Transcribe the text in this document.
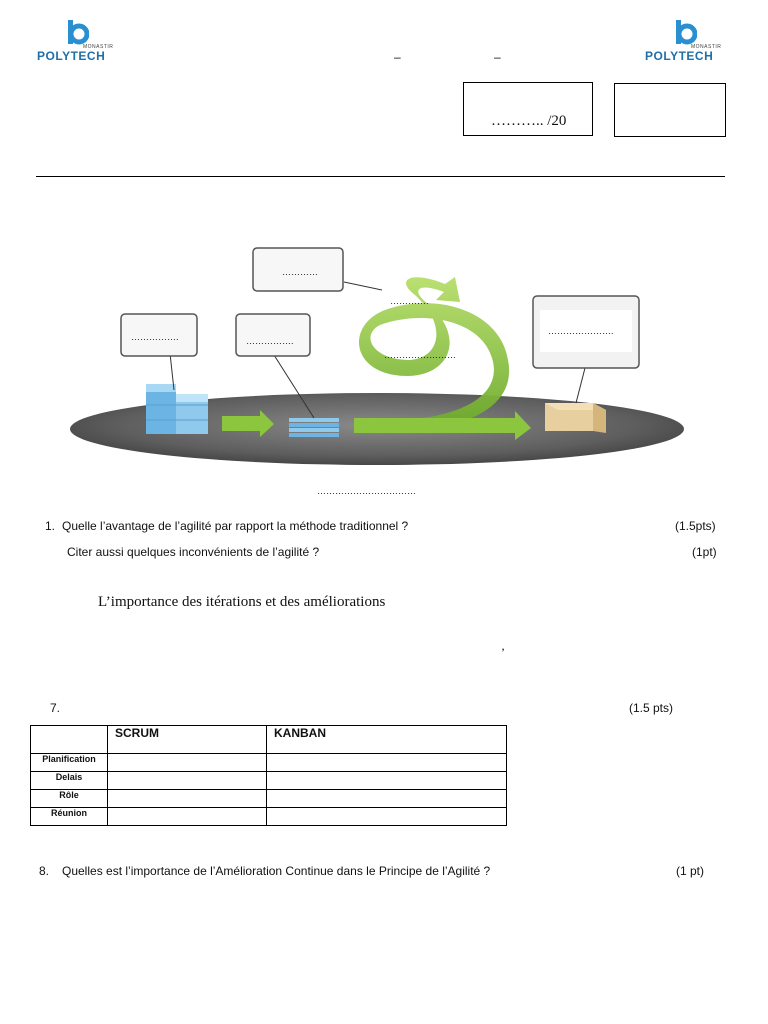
MONASTIR
POLYTECH
MONASTIR
POLYTECH
–	–
……….. /20
…………
………….
…………….	…………….
………………….
……………………
……………………………
1. Quelle l’avantage de l’agilité par rapport la méthode traditionnel ?	(1.5pts)
Citer aussi quelques inconvénients de l’agilité ?	(1pt)
L’importance des itérations et des améliorations
’
7.	(1.5 pts)
	SCRUM	KANBAN
Planification		
Delais		
Rôle		
Réunion		
8. Quelles est l’importance de l’Amélioration Continue dans le Principe de l’Agilité ?	(1 pt)
